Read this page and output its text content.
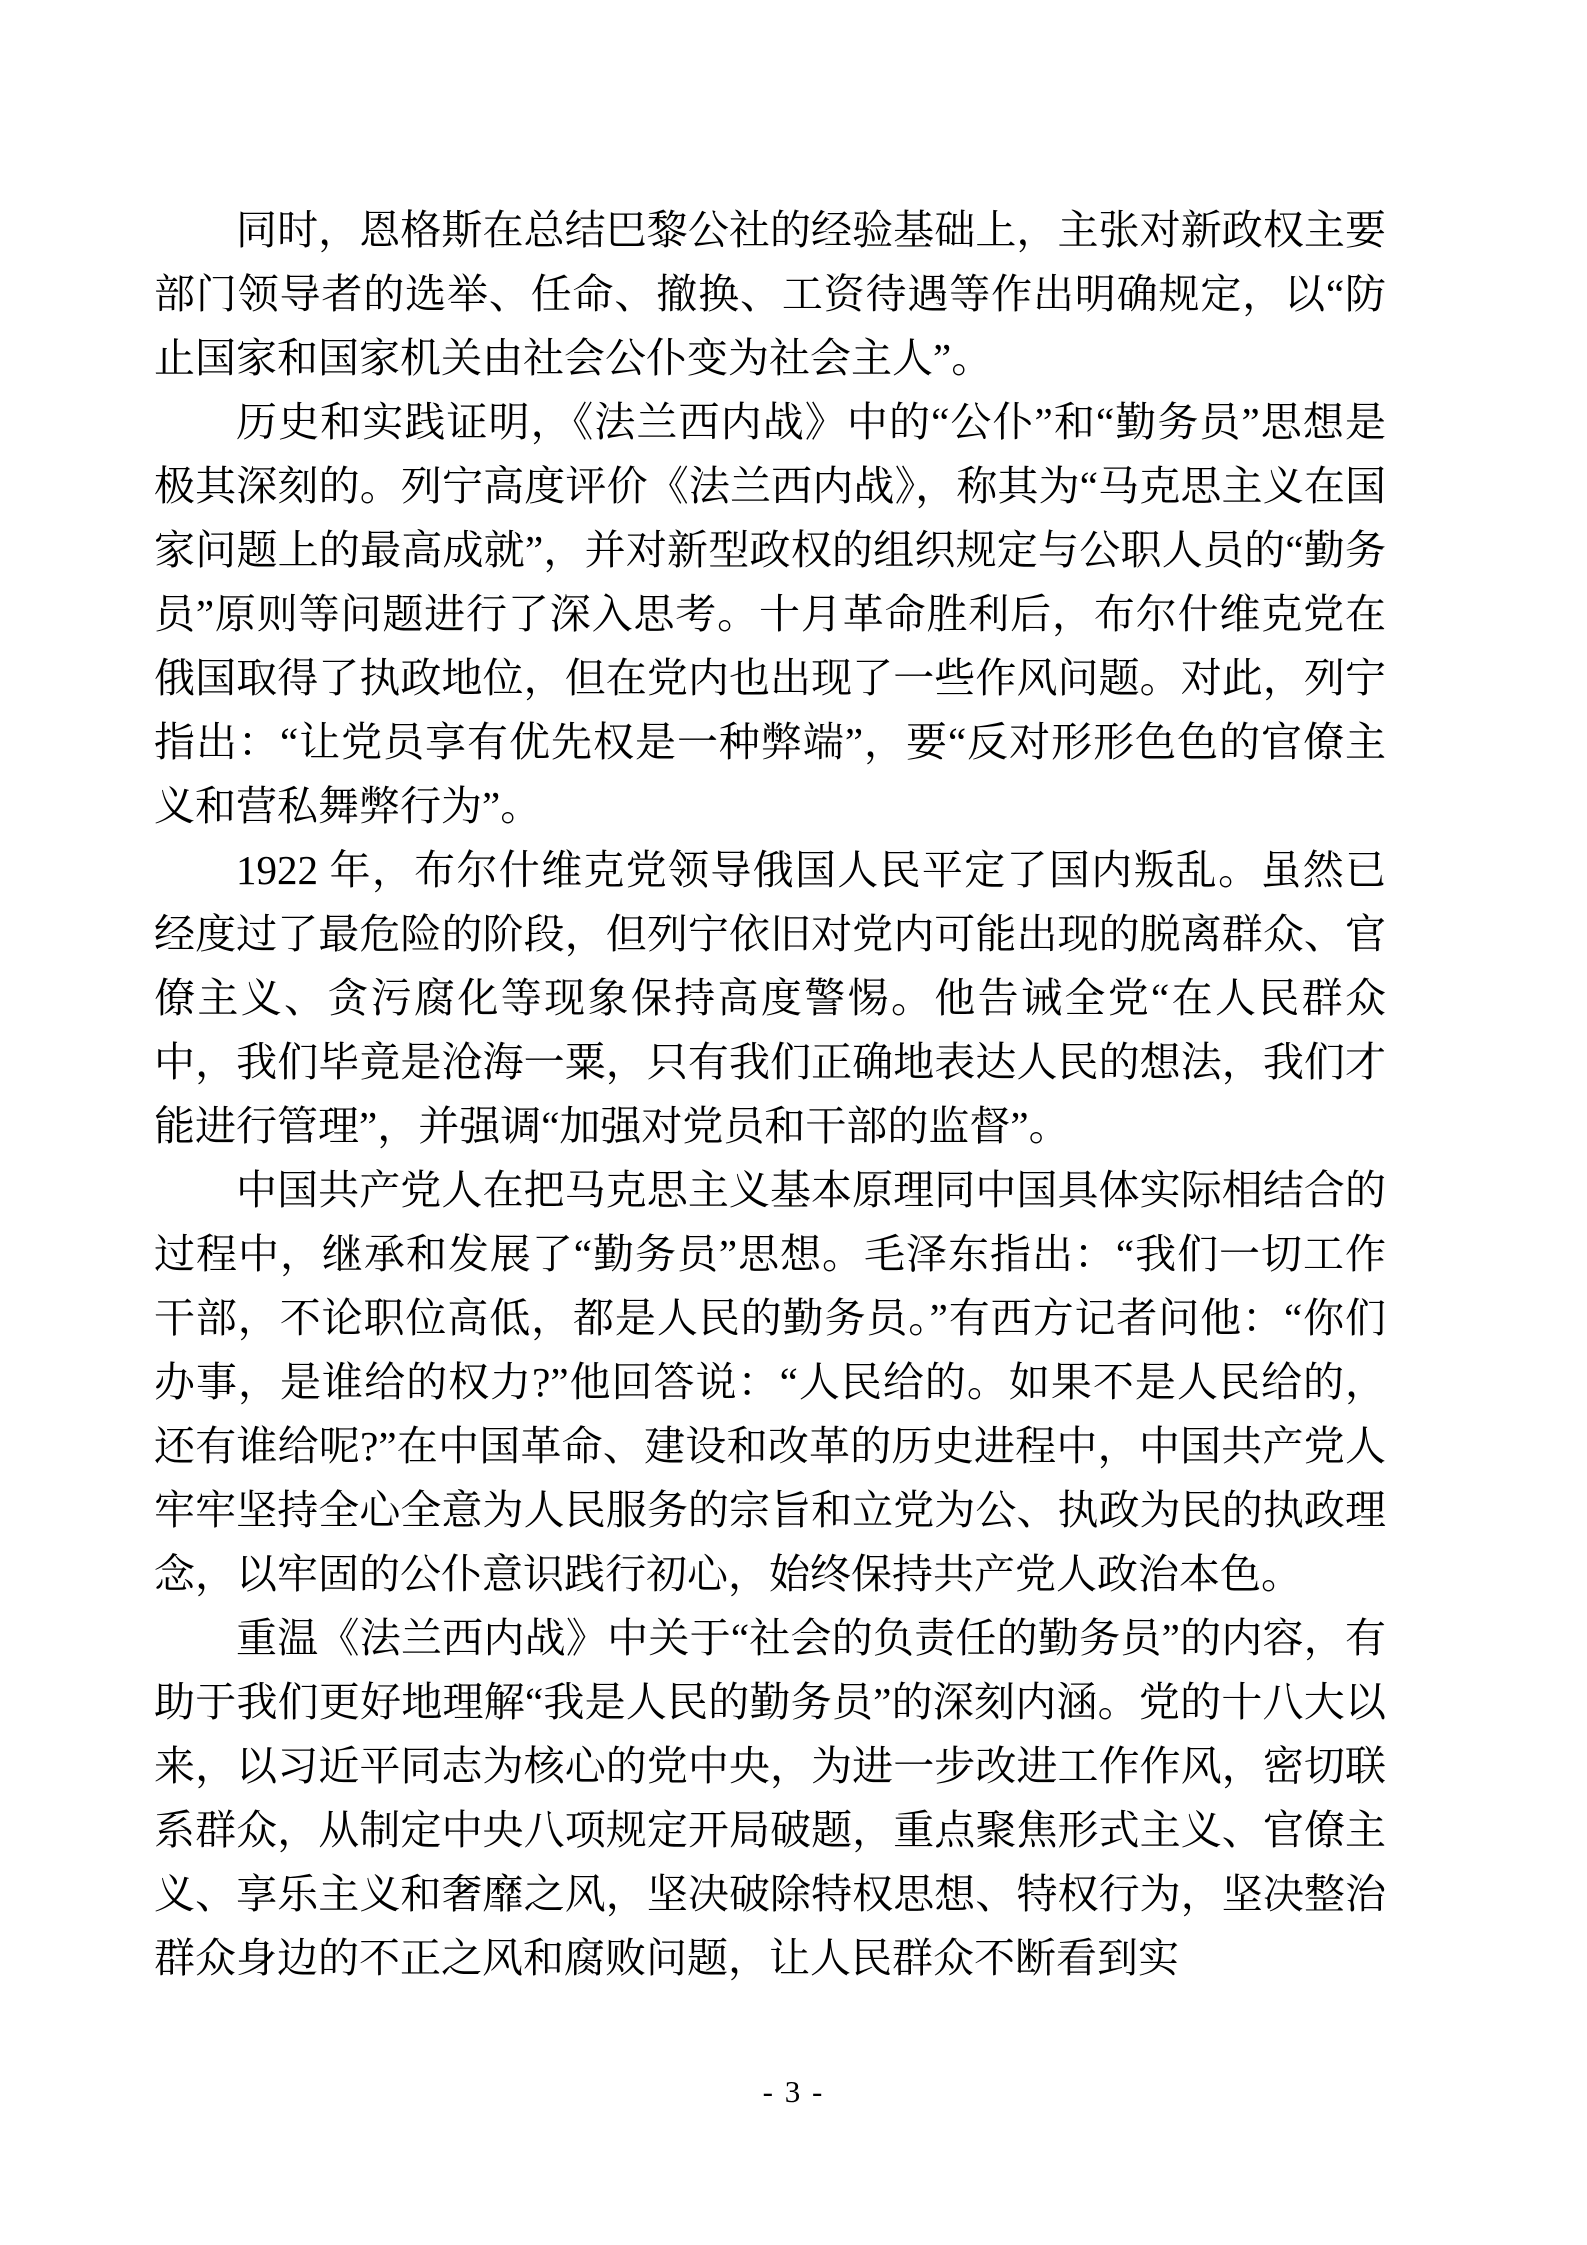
同时，恩格斯在总结巴黎公社的经验基础上，主张对新政权主要部门领导者的选举、任命、撤换、工资待遇等作出明确规定，以“防止国家和国家机关由社会公仆变为社会主人”。

历史和实践证明，《法兰西内战》中的“公仆”和“勤务员”思想是极其深刻的。列宁高度评价《法兰西内战》，称其为“马克思主义在国家问题上的最高成就”，并对新型政权的组织规定与公职人员的“勤务员”原则等问题进行了深入思考。十月革命胜利后，布尔什维克党在俄国取得了执政地位，但在党内也出现了一些作风问题。对此，列宁指出：“让党员享有优先权是一种弊端”，要“反对形形色色的官僚主义和营私舞弊行为”。

1922 年，布尔什维克党领导俄国人民平定了国内叛乱。虽然已经度过了最危险的阶段，但列宁依旧对党内可能出现的脱离群众、官僚主义、贪污腐化等现象保持高度警惕。他告诫全党“在人民群众中，我们毕竟是沧海一粟，只有我们正确地表达人民的想法，我们才能进行管理”，并强调“加强对党员和干部的监督”。

中国共产党人在把马克思主义基本原理同中国具体实际相结合的过程中，继承和发展了“勤务员”思想。毛泽东指出：“我们一切工作干部，不论职位高低，都是人民的勤务员。”有西方记者问他：“你们办事，是谁给的权力?”他回答说：“人民给的。如果不是人民给的，还有谁给呢?”在中国革命、建设和改革的历史进程中，中国共产党人牢牢坚持全心全意为人民服务的宗旨和立党为公、执政为民的执政理念，以牢固的公仆意识践行初心，始终保持共产党人政治本色。

重温《法兰西内战》中关于“社会的负责任的勤务员”的内容，有助于我们更好地理解“我是人民的勤务员”的深刻内涵。党的十八大以来，以习近平同志为核心的党中央，为进一步改进工作作风，密切联系群众，从制定中央八项规定开局破题，重点聚焦形式主义、官僚主义、享乐主义和奢靡之风，坚决破除特权思想、特权行为，坚决整治群众身边的不正之风和腐败问题，让人民群众不断看到实

- 3 -
